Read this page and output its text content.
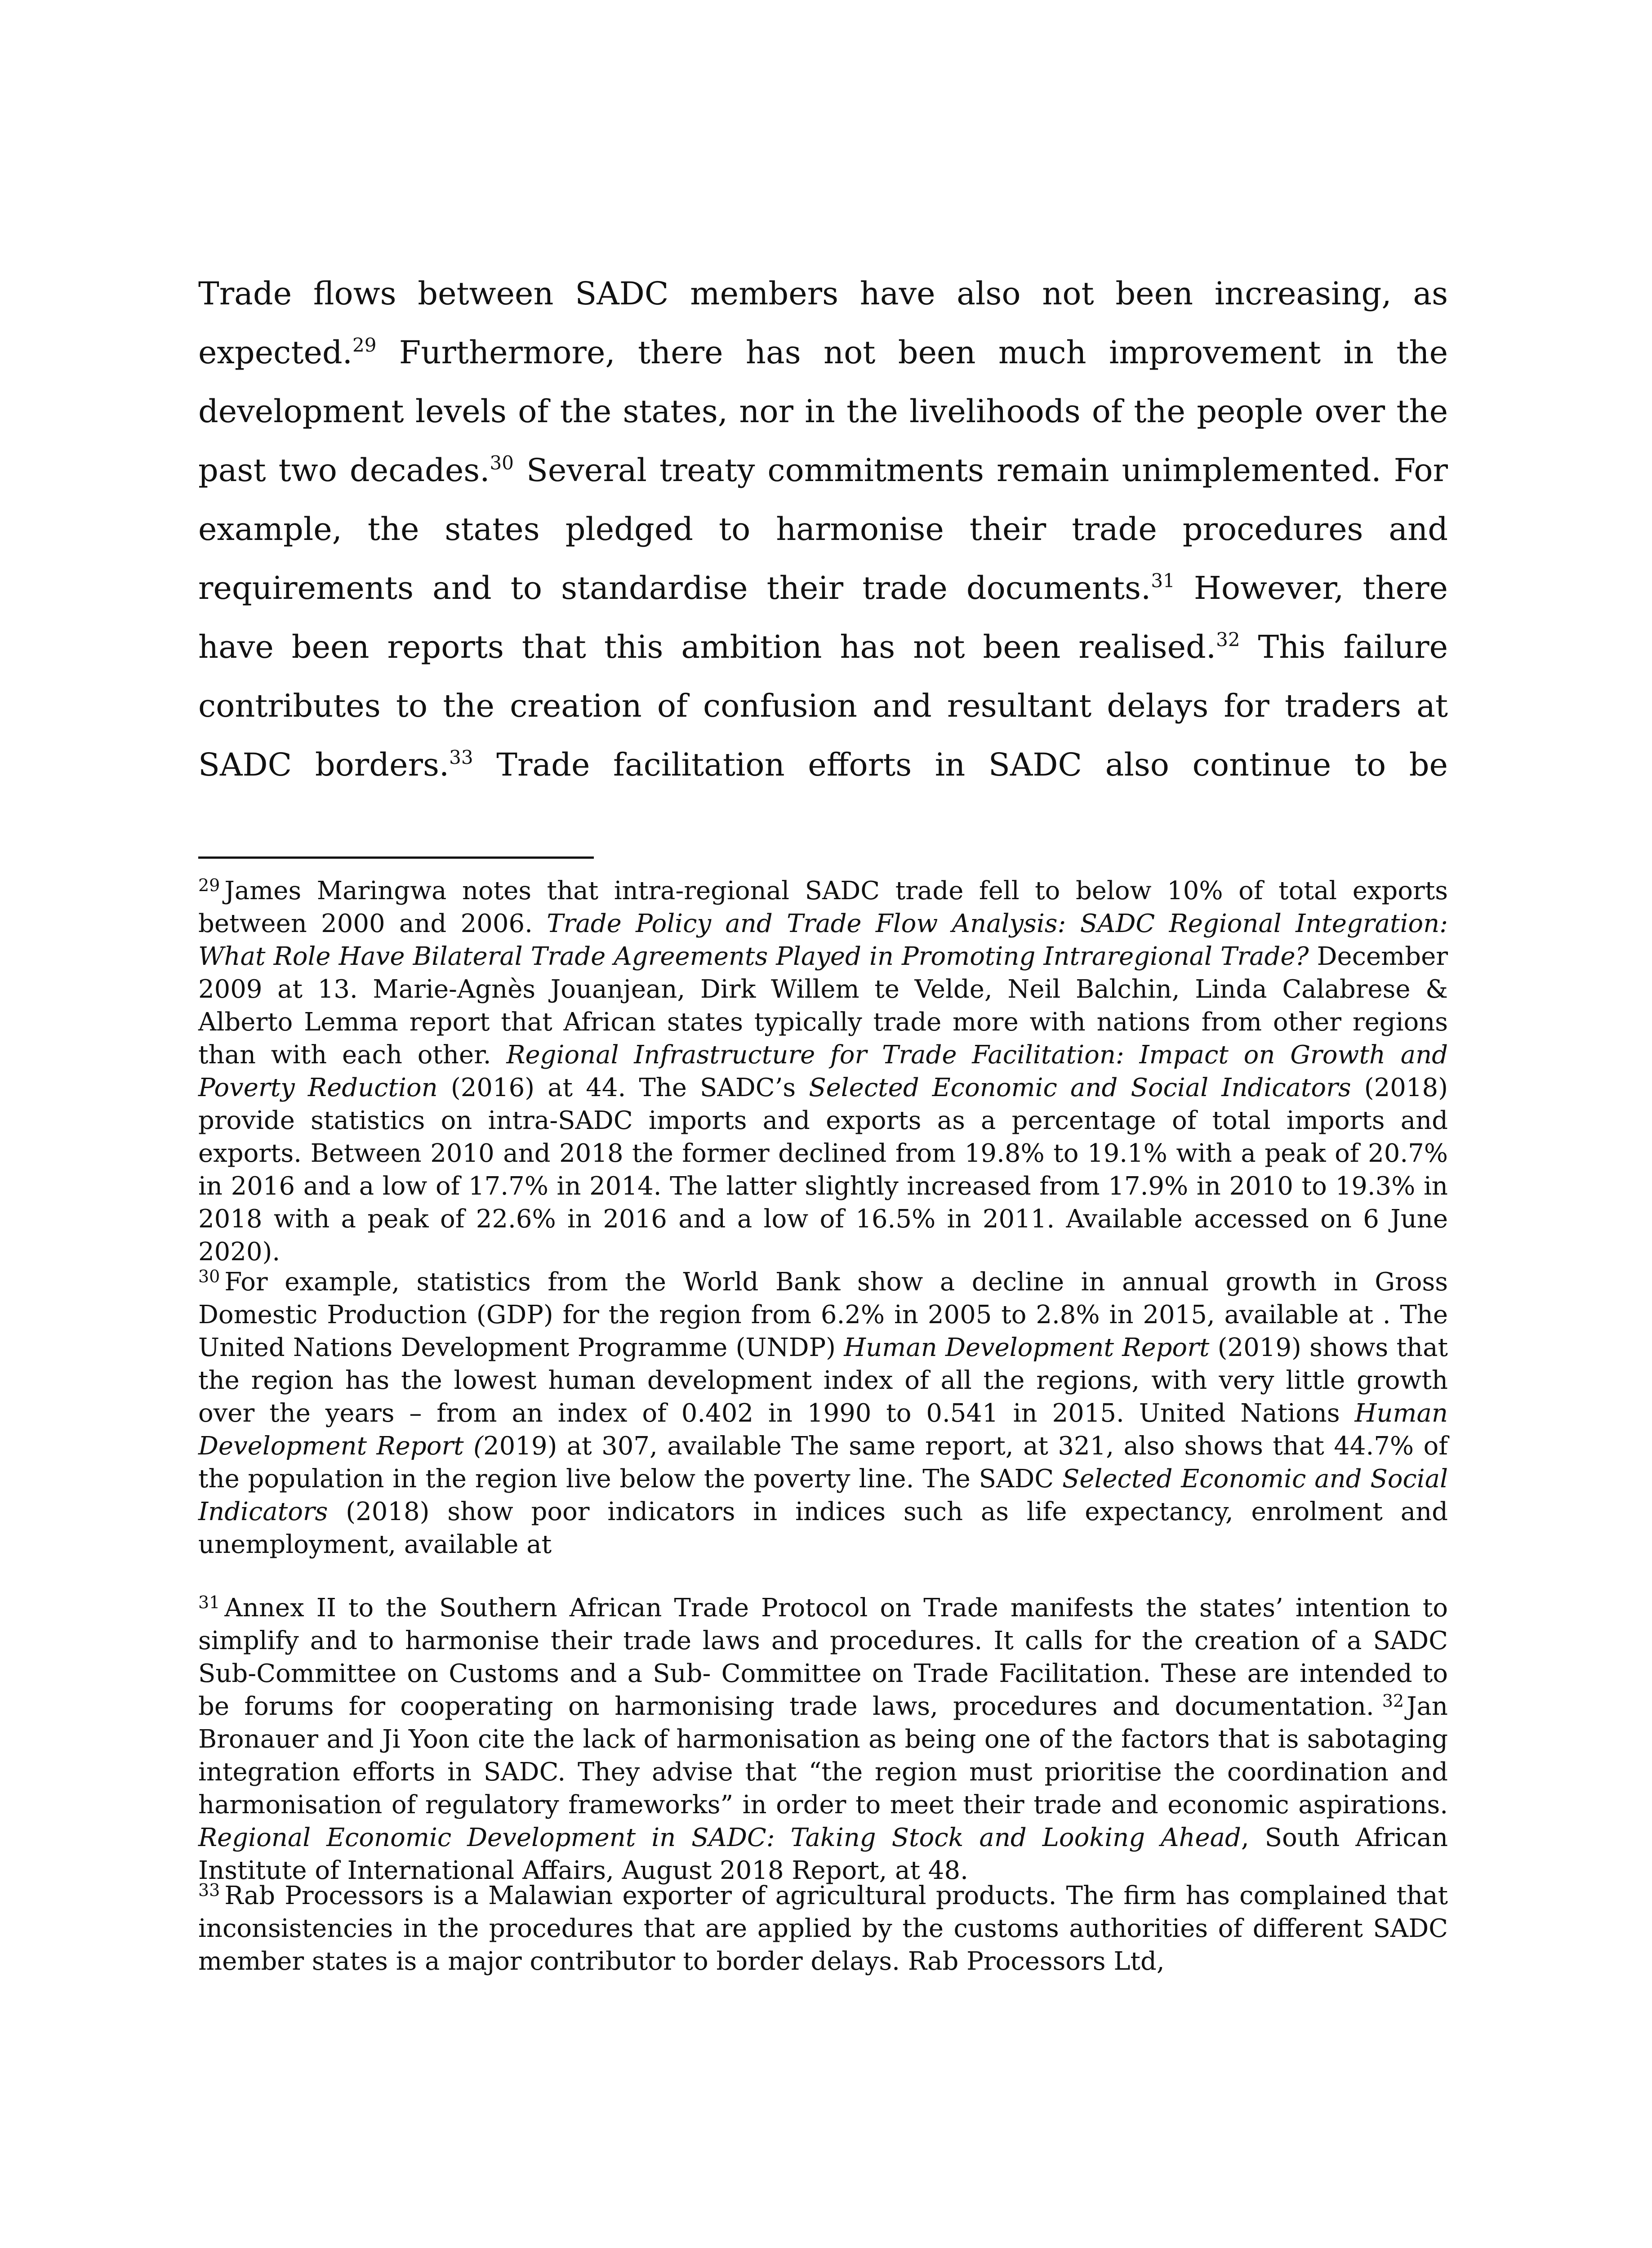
Trade flows between SADC members have also not been increasing, as expected.$^{29}$ Furthermore, there has not been much improvement in the development levels of the states, nor in the livelihoods of the people over the past two decades.$^{30}$ Several treaty commitments remain unimplemented. For example, the states pledged to harmonise their trade procedures and requirements and to standardise their trade documents.$^{31}$ However, there have been reports that this ambition has not been realised.$^{32}$ This failure contributes to the creation of confusion and resultant delays for traders at SADC borders.$^{33}$ Trade facilitation efforts in SADC also continue to be
$^{29}$ James Maringwa notes that intra-regional SADC trade fell to below 10% of total exports between 2000 and 2006. Trade Policy and Trade Flow Analysis: SADC Regional Integration: What Role Have Bilateral Trade Agreements Played in Promoting Intraregional Trade? December 2009 at 13. Marie-Agnès Jouanjean, Dirk Willem te Velde, Neil Balchin, Linda Calabrese & Alberto Lemma report that African states typically trade more with nations from other regions than with each other. Regional Infrastructure for Trade Facilitation: Impact on Growth and Poverty Reduction (2016) at 44. The SADC’s Selected Economic and Social Indicators (2018) provide statistics on intra-SADC imports and exports as a percentage of total imports and exports. Between 2010 and 2018 the former declined from 19.8% to 19.1% with a peak of 20.7% in 2016 and a low of 17.7% in 2014. The latter slightly increased from 17.9% in 2010 to 19.3% in 2018 with a peak of 22.6% in 2016 and a low of 16.5% in 2011. Available accessed on 6 June 2020).
$^{30}$ For example, statistics from the World Bank show a decline in annual growth in Gross Domestic Production (GDP) for the region from 6.2% in 2005 to 2.8% in 2015, available at . The United Nations Development Programme (UNDP) Human Development Report (2019) shows that the region has the lowest human development index of all the regions, with very little growth over the years – from an index of 0.402 in 1990 to 0.541 in 2015. United Nations Human Development Report (2019) at 307, available The same report, at 321, also shows that 44.7% of the population in the region live below the poverty line. The SADC Selected Economic and Social Indicators (2018) show poor indicators in indices such as life expectancy, enrolment and unemployment, available at
$^{31}$ Annex II to the Southern African Trade Protocol on Trade manifests the states’ intention to simplify and to harmonise their trade laws and procedures. It calls for the creation of a SADC Sub-Committee on Customs and a Sub- Committee on Trade Facilitation. These are intended to be forums for cooperating on harmonising trade laws, procedures and documentation. $^{32}$ Jan Bronauer and Ji Yoon cite the lack of harmonisation as being one of the factors that is sabotaging integration efforts in SADC. They advise that “the region must prioritise the coordination and harmonisation of regulatory frameworks” in order to meet their trade and economic aspirations. Regional Economic Development in SADC: Taking Stock and Looking Ahead, South African Institute of International Affairs, August 2018 Report, at 48.
$^{33}$ Rab Processors is a Malawian exporter of agricultural products. The firm has complained that inconsistencies in the procedures that are applied by the customs authorities of different SADC member states is a major contributor to border delays. Rab Processors Ltd,
